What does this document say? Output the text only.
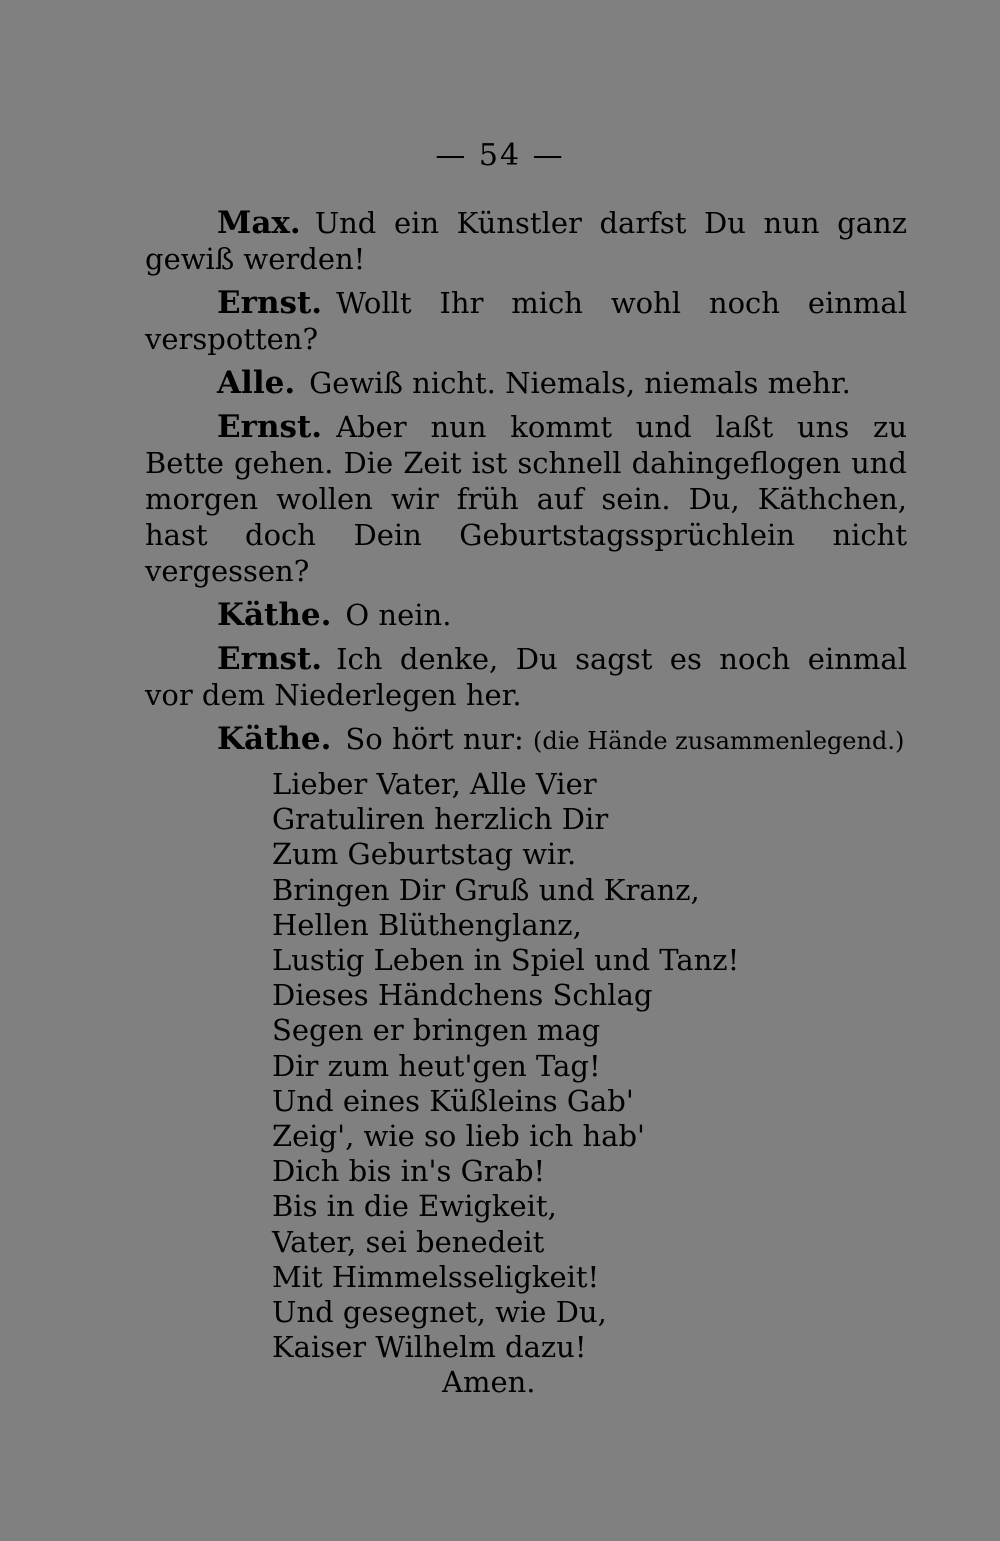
— 54 —

Max. Und ein Künstler darfst Du nun ganz gewiß werden!

Ernst. Wollt Ihr mich wohl noch einmal verspotten?

Alle. Gewiß nicht. Niemals, niemals mehr.

Ernst. Aber nun kommt und laßt uns zu Bette gehen. Die Zeit ist schnell dahingeflogen und morgen wollen wir früh auf sein. Du, Käthchen, hast doch Dein Geburtstagssprüchlein nicht vergessen?

Käthe. O nein.

Ernst. Ich denke, Du sagst es noch einmal vor dem Niederlegen her.

Käthe. So hört nur: (die Hände zusammenlegend.)

Lieber Vater, Alle Vier
Gratuliren herzlich Dir
Zum Geburtstag wir.
Bringen Dir Gruß und Kranz,
Hellen Blüthenglanz,
Lustig Leben in Spiel und Tanz!
Dieses Händchens Schlag
Segen er bringen mag
Dir zum heut'gen Tag!
Und eines Küßleins Gab'
Zeig', wie so lieb ich hab'
Dich bis in's Grab!
Bis in die Ewigkeit,
Vater, sei benedeit
Mit Himmelsseligkeit!
Und gesegnet, wie Du,
Kaiser Wilhelm dazu!
Amen.
